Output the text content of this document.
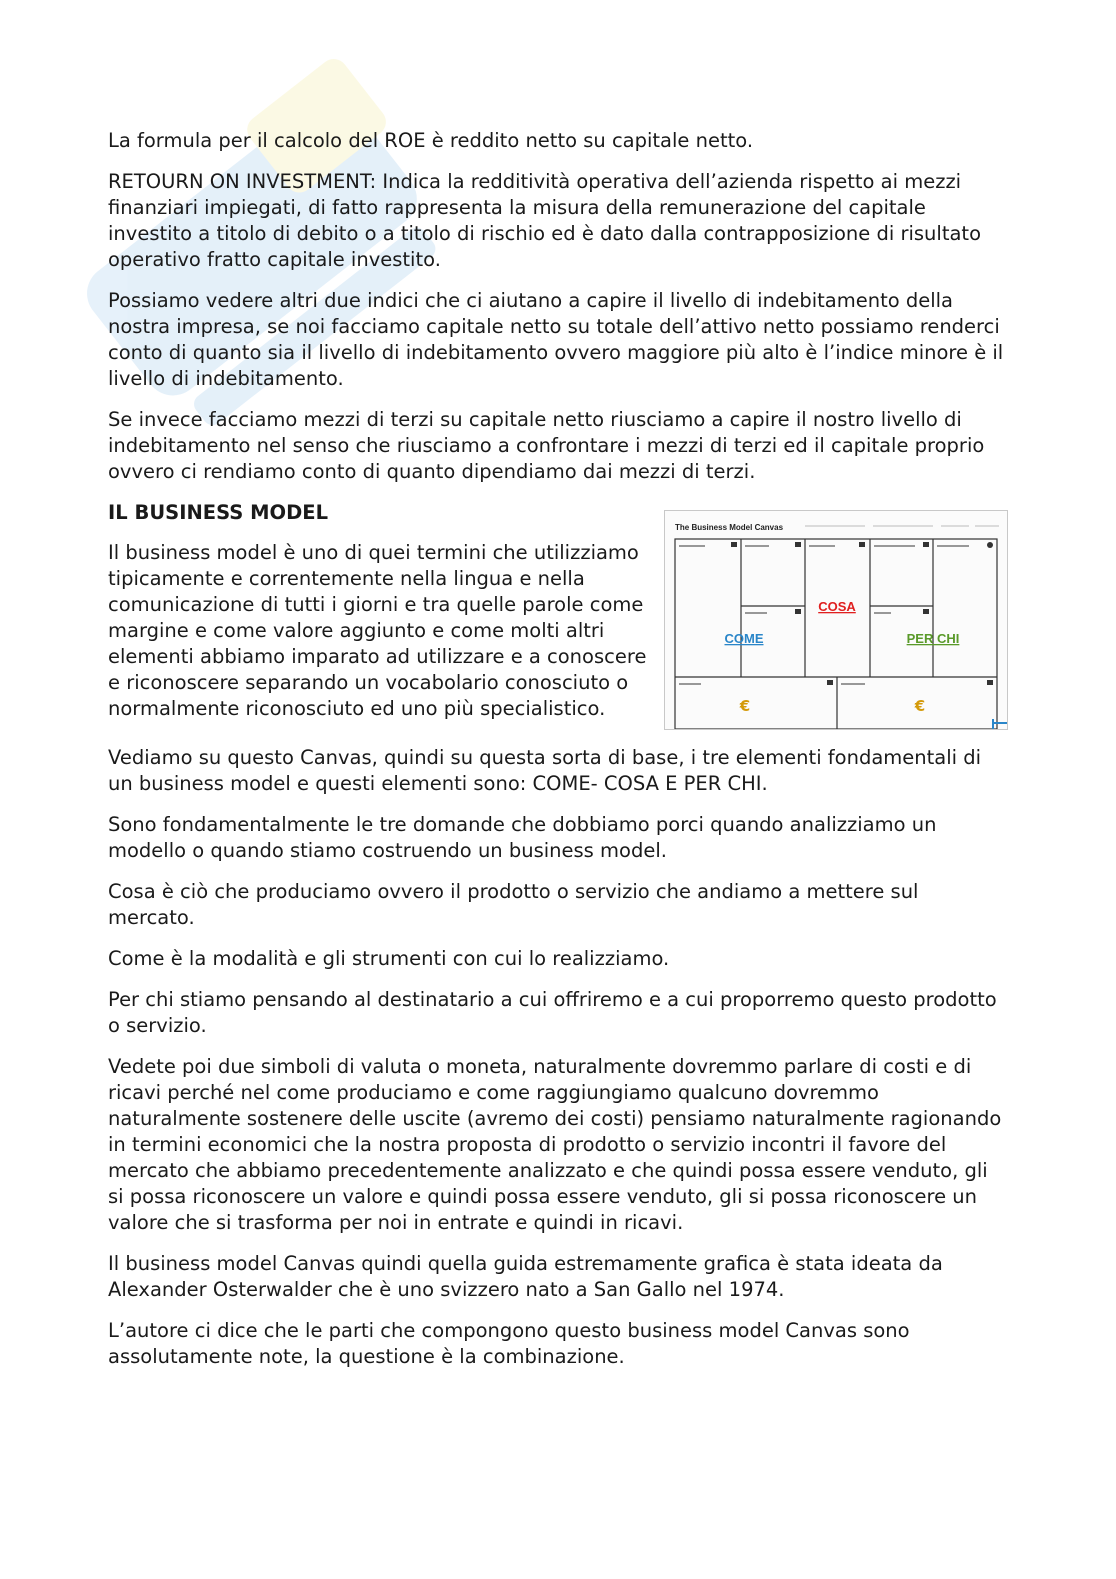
La formula per il calcolo del ROE è reddito netto su capitale netto.

RETOURN ON INVESTMENT: Indica la redditività operativa dell’azienda rispetto ai mezzi finanziari impiegati, di fatto rappresenta la misura della remunerazione del capitale investito a titolo di debito o a titolo di rischio ed è dato dalla contrapposizione di risultato operativo fratto capitale investito.

Possiamo vedere altri due indici che ci aiutano a capire il livello di indebitamento della nostra impresa, se noi facciamo capitale netto su totale dell’attivo netto possiamo renderci conto di quanto sia il livello di indebitamento ovvero maggiore più alto è l’indice minore è il livello di indebitamento.

Se invece facciamo mezzi di terzi su capitale netto riusciamo a capire il nostro livello di indebitamento nel senso che riusciamo a confrontare i mezzi di terzi ed il capitale proprio ovvero ci rendiamo conto di quanto dipendiamo dai mezzi di terzi.

IL BUSINESS MODEL
Il business model è uno di quei termini che utilizziamo tipicamente e correntemente nella lingua e nella comunicazione di tutti i giorni e tra quelle parole come margine e come valore aggiunto e come molti altri elementi abbiamo imparato ad utilizzare e a conoscere e riconoscere separando un vocabolario conosciuto o normalmente riconosciuto ed uno più specialistico.
The Business Model Canvas
COSA
COME	PER CHI
€	€

Vediamo su questo Canvas, quindi su questa sorta di base, i tre elementi fondamentali di un business model e questi elementi sono: COME- COSA E PER CHI.

Sono fondamentalmente le tre domande che dobbiamo porci quando analizziamo un modello o quando stiamo costruendo un business model.

Cosa è ciò che produciamo ovvero il prodotto o servizio che andiamo a mettere sul mercato.

Come è la modalità e gli strumenti con cui lo realizziamo.

Per chi stiamo pensando al destinatario a cui offriremo e a cui proporremo questo prodotto o servizio.

Vedete poi due simboli di valuta o moneta, naturalmente dovremmo parlare di costi e di ricavi perché nel come produciamo e come raggiungiamo qualcuno dovremmo naturalmente sostenere delle uscite (avremo dei costi) pensiamo naturalmente ragionando in termini economici che la nostra proposta di prodotto o servizio incontri il favore del mercato che abbiamo precedentemente analizzato e che quindi possa essere venduto, gli si possa riconoscere un valore e quindi possa essere venduto, gli si possa riconoscere un valore che si trasforma per noi in entrate e quindi in ricavi.

Il business model Canvas quindi quella guida estremamente grafica è stata ideata da Alexander Osterwalder che è uno svizzero nato a San Gallo nel 1974.

L’autore ci dice che le parti che compongono questo business model Canvas sono assolutamente note, la questione è la combinazione.
